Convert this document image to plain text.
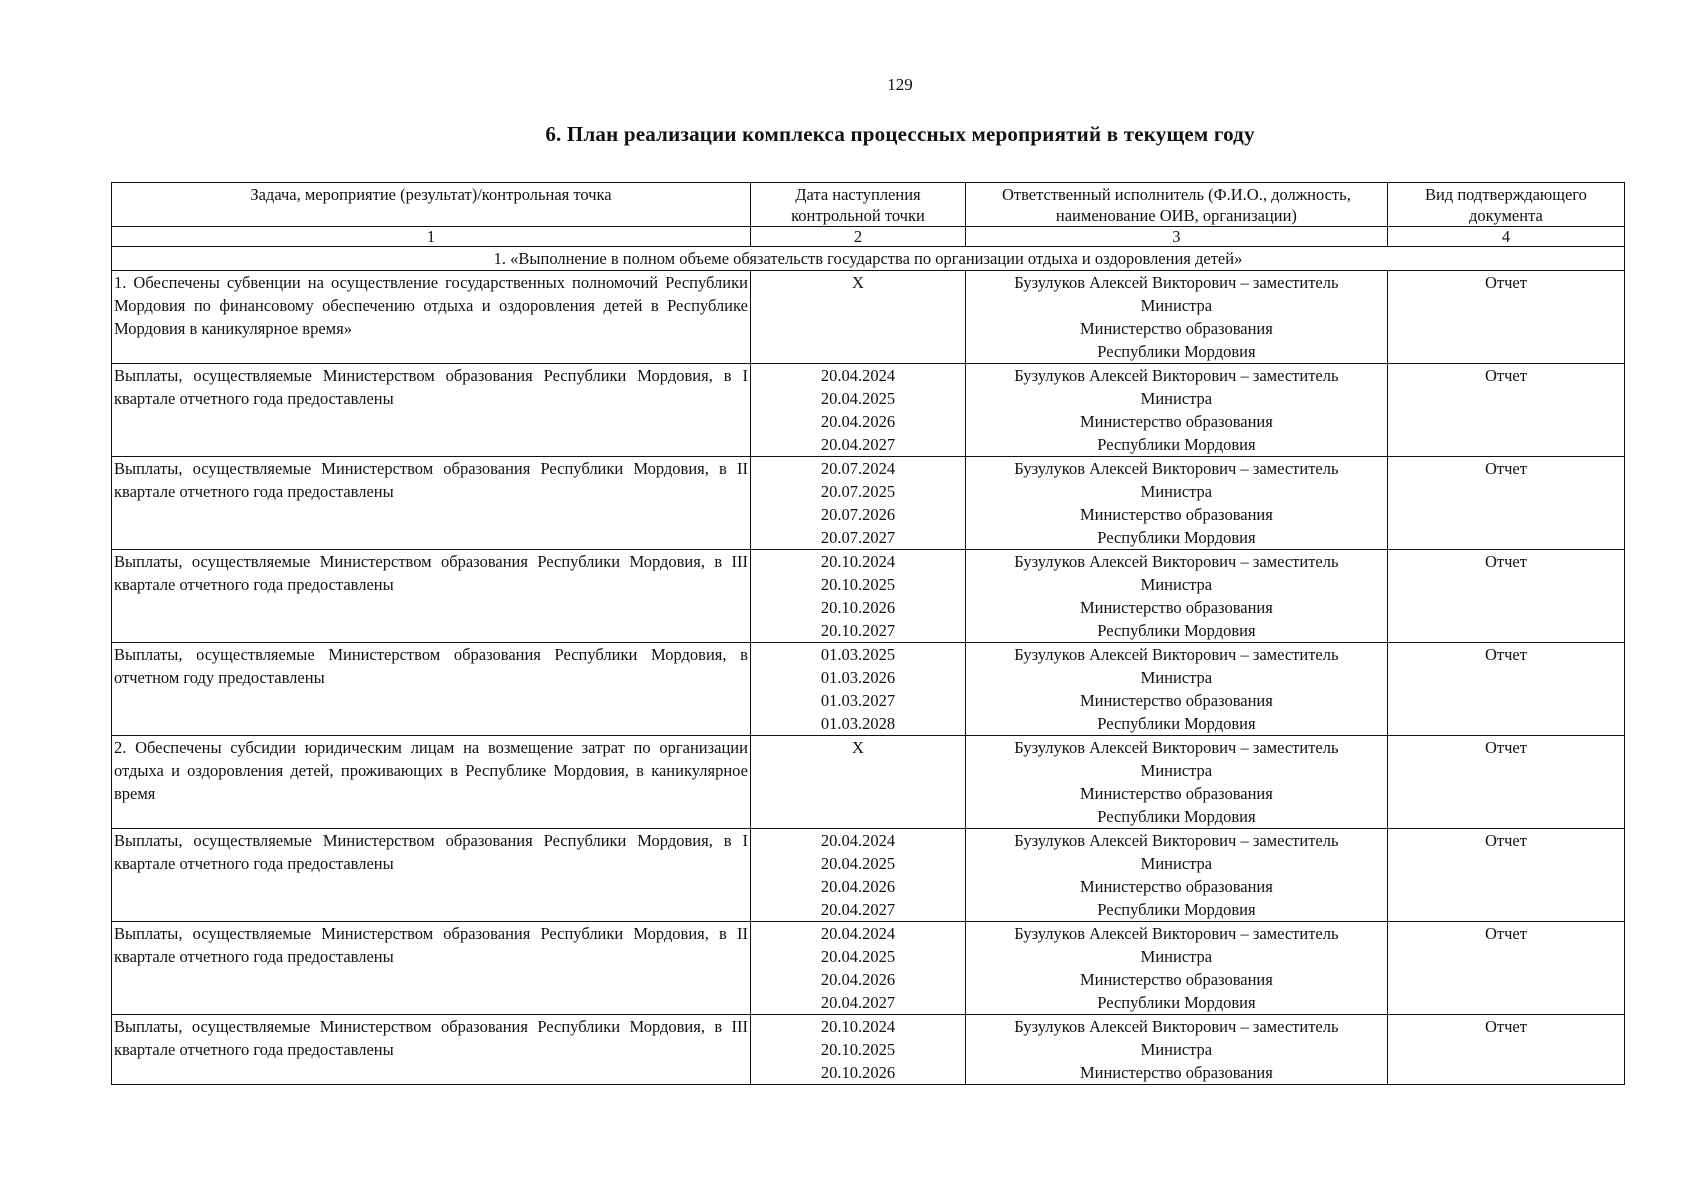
129
6. План реализации комплекса процессных мероприятий в текущем году
Задача, мероприятие (результат)/контрольная точка	Дата наступления контрольной точки	Ответственный исполнитель (Ф.И.О., должность, наименование ОИВ, организации)	Вид подтверждающего документа
1	2	3	4
1. «Выполнение в полном объеме обязательств государства по организации отдыха и оздоровления детей»			
1. Обеспечены субвенции на осуществление государственных полномочий Республики Мордовия по финансовому обеспечению отдыха и оздоровления детей в Республике Мордовия в каникулярное время»	X	Бузулуков Алексей Викторович – заместитель
Министра
Министерство образования
Республики Мордовия	Отчет
Выплаты, осуществляемые Министерством образования Республики Мордовия, в I квартале отчетного года предоставлены	20.04.2024
20.04.2025
20.04.2026
20.04.2027	Бузулуков Алексей Викторович – заместитель
Министра
Министерство образования
Республики Мордовия	Отчет
Выплаты, осуществляемые Министерством образования Республики Мордовия, в II квартале отчетного года предоставлены	20.07.2024
20.07.2025
20.07.2026
20.07.2027	Бузулуков Алексей Викторович – заместитель
Министра
Министерство образования
Республики Мордовия	Отчет
Выплаты, осуществляемые Министерством образования Республики Мордовия, в III квартале отчетного года предоставлены	20.10.2024
20.10.2025
20.10.2026
20.10.2027	Бузулуков Алексей Викторович – заместитель
Министра
Министерство образования
Республики Мордовия	Отчет
Выплаты, осуществляемые Министерством образования Республики Мордовия, в отчетном году предоставлены	01.03.2025
01.03.2026
01.03.2027
01.03.2028	Бузулуков Алексей Викторович – заместитель
Министра
Министерство образования
Республики Мордовия	Отчет
2. Обеспечены субсидии юридическим лицам на возмещение затрат по организации отдыха и оздоровления детей, проживающих в Республике Мордовия, в каникулярное время	X	Бузулуков Алексей Викторович – заместитель
Министра
Министерство образования
Республики Мордовия	Отчет
Выплаты, осуществляемые Министерством образования Республики Мордовия, в I квартале отчетного года предоставлены	20.04.2024
20.04.2025
20.04.2026
20.04.2027	Бузулуков Алексей Викторович – заместитель
Министра
Министерство образования
Республики Мордовия	Отчет
Выплаты, осуществляемые Министерством образования Республики Мордовия, в II квартале отчетного года предоставлены	20.04.2024
20.04.2025
20.04.2026
20.04.2027	Бузулуков Алексей Викторович – заместитель
Министра
Министерство образования
Республики Мордовия	Отчет
Выплаты, осуществляемые Министерством образования Республики Мордовия, в III квартале отчетного года предоставлены	20.10.2024
20.10.2025
20.10.2026	Бузулуков Алексей Викторович – заместитель
Министра
Министерство образования	Отчет
